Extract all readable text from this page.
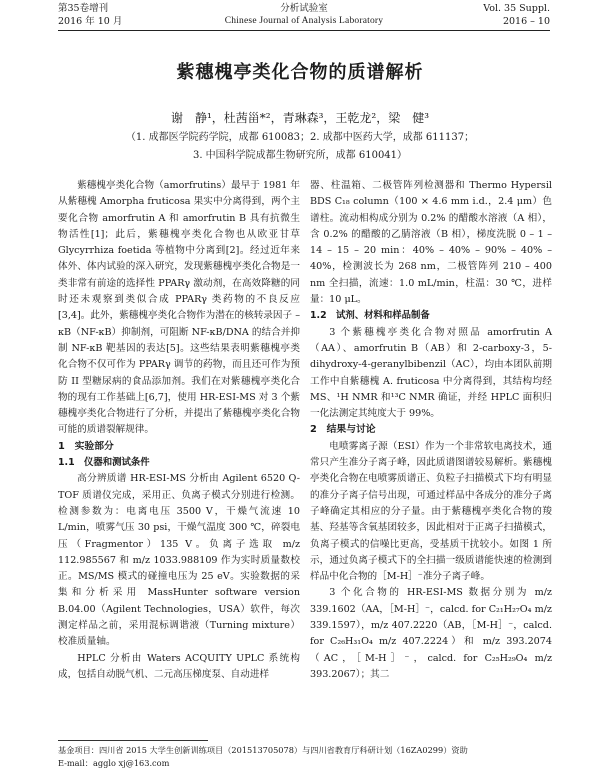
第35卷增刊
2016 年 10 月
分析试验室
Chinese Journal of Analysis Laboratory
Vol. 35 Suppl.
2016 – 10
紫穗槐亭类化合物的质谱解析
谢　静¹，杜茜甾*²，青琳森³，王乾龙²，梁　健³
（1. 成都医学院药学院，成都 610083；2. 成都中医药大学，成都 611137；
3. 中国科学院成都生物研究所，成都 610041）

紫穗槐亭类化合物（amorfrutins）最早于 1981 年从紫穗槐 Amorpha fruticosa 果实中分离得到，两个主要化合物 amorfrutin A 和 amorfrutin B 具有抗微生物活性[1]；此后，紫穗槐亭类化合物也从欧亚甘草 Glycyrrhiza foetida 等植物中分离到[2]。经过近年来体外、体内试验的深入研究，发现紫穗槐亭类化合物是一类非常有前途的选择性 PPARγ 激动剂，在高效降糖的同时还未观察到类似合成 PPARγ 类药物的不良反应[3,4]。此外，紫穗槐亭类化合物作为潜在的核转录因子 – κB（NF-κB）抑制剂，可阻断 NF-κB/DNA 的结合并抑制 NF-κB 靶基因的表达[5]。这些结果表明紫穗槐亭类化合物不仅可作为 PPARγ 调节的药物，而且还可作为预防 II 型糖尿病的食品添加剂。我们在对紫穗槐亭类化合物的现有工作基础上[6,7]，使用 HR-ESI-MS 对 3 个紫穗槐亭类化合物进行了分析，并提出了紫穗槐亭类化合物可能的质谱裂解规律。

1　实验部分
1.1　仪器和测试条件

高分辨质谱 HR-ESI-MS 分析由 Agilent 6520 Q-TOF 质谱仪完成，采用正、负离子模式分别进行检测。检测参数为：电离电压 3500 V，干燥气流速 10 L/min，喷雾气压 30 psi，干燥气温度 300 ℃，碎裂电压（Fragmentor）135 V。负离子选取 m/z 112.985567 和 m/z 1033.988109 作为实时质量数校正。MS/MS 模式的碰撞电压为 25 eV。实验数据的采集和分析采用 MassHunter software version B.04.00（Agilent Technologies，USA）软件，每次测定样品之前，采用混标调谐液（Turning mixture）校准质量轴。

HPLC 分析由 Waters ACQUITY UPLC 系统构成，包括自动脱气机、二元高压梯度泵、自动进样

器、柱温箱、二极管阵列检测器和 Thermo Hypersil BDS C₁₈ column（100 × 4.6 mm i.d.，2.4 μm）色谱柱。流动相构成分别为 0.2% 的醋酸水溶液（A 相），含 0.2% 的醋酸的乙腈溶液（B 相），梯度洗脱 0 – 1 – 14 – 15 – 20 min：40% – 40% – 90% – 40% – 40%，检测波长为 268 nm，二极管阵列 210 – 400 nm 全扫描，流速：1.0 mL/min，柱温：30 ℃，进样量：10 μL。

1.2　试剂、材料和样品制备

3 个紫穗槐亭类化合物对照品 amorfrutin A（AA）、amorfrutin B（AB）和 2-carboxy-3，5-dihydroxy-4-geranylbibenzil（AC），均由本团队前期工作中自紫穗槐 A. fruticosa 中分离得到，其结构均经 MS、¹H NMR 和¹³C NMR 确证，并经 HPLC 面积归一化法测定其纯度大于 99%。

2　结果与讨论

电喷雾离子源（ESI）作为一个非常软电离技术，通常只产生准分子离子峰，因此质谱图谱较易解析。紫穗槐亭类化合物在电喷雾质谱正、负粒子扫描模式下均有明显的准分子离子信号出现，可通过样品中各成分的准分子离子峰确定其相应的分子量。由于紫穗槐亭类化合物的羧基、羟基等含氧基团较多，因此相对于正离子扫描模式，负离子模式的信噪比更高，受基质干扰较小。如图 1 所示，通过负离子模式下的全扫描一级质谱能快速的检测到样品中化合物的［M-H］⁻准分子离子峰。

3 个化合物的 HR-ESI-MS 数据分别为 m/z 339.1602（AA，［M-H］⁻，calcd. for C₂₁H₂₇O₄ m/z 339.1597），m/z 407.2220（AB，［M-H］⁻，calcd. for C₂₆H₃₁O₄ m/z 407.2224）和 m/z 393.2074（AC，［M-H］⁻，calcd. for C₂₅H₂₉O₄ m/z 393.2067）；其二

基金项目：四川省 2015 大学生创新训练项目（201513705078）与四川省教育厅科研计划（16ZA0299）资助
E-mail：agglo xj@163.com
